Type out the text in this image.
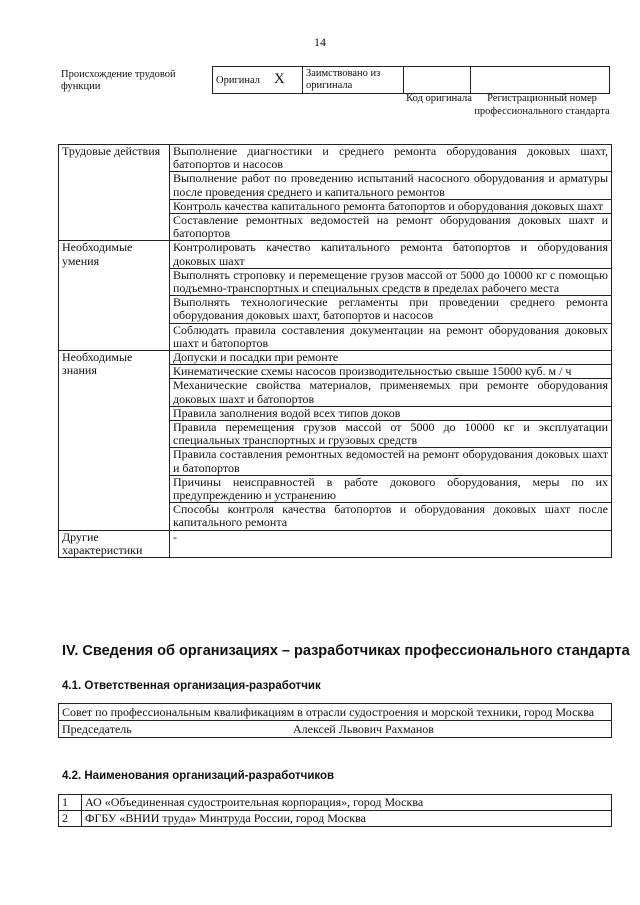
14
Происхождение трудовой функции
Оригинал X	Заимствовано из оригинала		
Код оригинала	Регистрационный номер профессионального стандарта
Трудовые действия	Выполнение диагностики и среднего ремонта оборудования доковых шахт, батопортов и насосов
	Выполнение работ по проведению испытаний насосного оборудования и арматуры после проведения среднего и капитального ремонтов
	Контроль качества капитального ремонта батопортов и оборудования доковых шахт
	Составление ремонтных ведомостей на ремонт оборудования доковых шахт и батопортов
Необходимые умения	Контролировать качество капитального ремонта батопортов и оборудования доковых шахт
	Выполнять строповку и перемещение грузов массой от 5000 до 10000 кг с помощью подъемно-транспортных и специальных средств в пределах рабочего места
	Выполнять технологические регламенты при проведении среднего ремонта оборудования доковых шахт, батопортов и насосов
	Соблюдать правила составления документации на ремонт оборудования доковых шахт и батопортов
Необходимые знания	Допуски и посадки при ремонте
	Кинематические схемы насосов производительностью свыше 15000 куб. м / ч
	Механические свойства материалов, применяемых при ремонте оборудования доковых шахт и батопортов
	Правила заполнения водой всех типов доков
	Правила перемещения грузов массой от 5000 до 10000 кг и эксплуатации специальных транспортных и грузовых средств
	Правила составления ремонтных ведомостей на ремонт оборудования доковых шахт и батопортов
	Причины неисправностей в работе докового оборудования, меры по их предупреждению и устранению
	Способы контроля качества батопортов и оборудования доковых шахт после капитального ремонта
Другие характеристики	-
IV. Сведения об организациях – разработчиках профессионального стандарта
4.1. Ответственная организация-разработчик
Совет по профессиональным квалификациям в отрасли судостроения и морской техники, город Москва
Председатель	Алексей Львович Рахманов
4.2. Наименования организаций-разработчиков
1	АО «Объединенная судостроительная корпорация», город Москва
2	ФГБУ «ВНИИ труда» Минтруда России, город Москва
